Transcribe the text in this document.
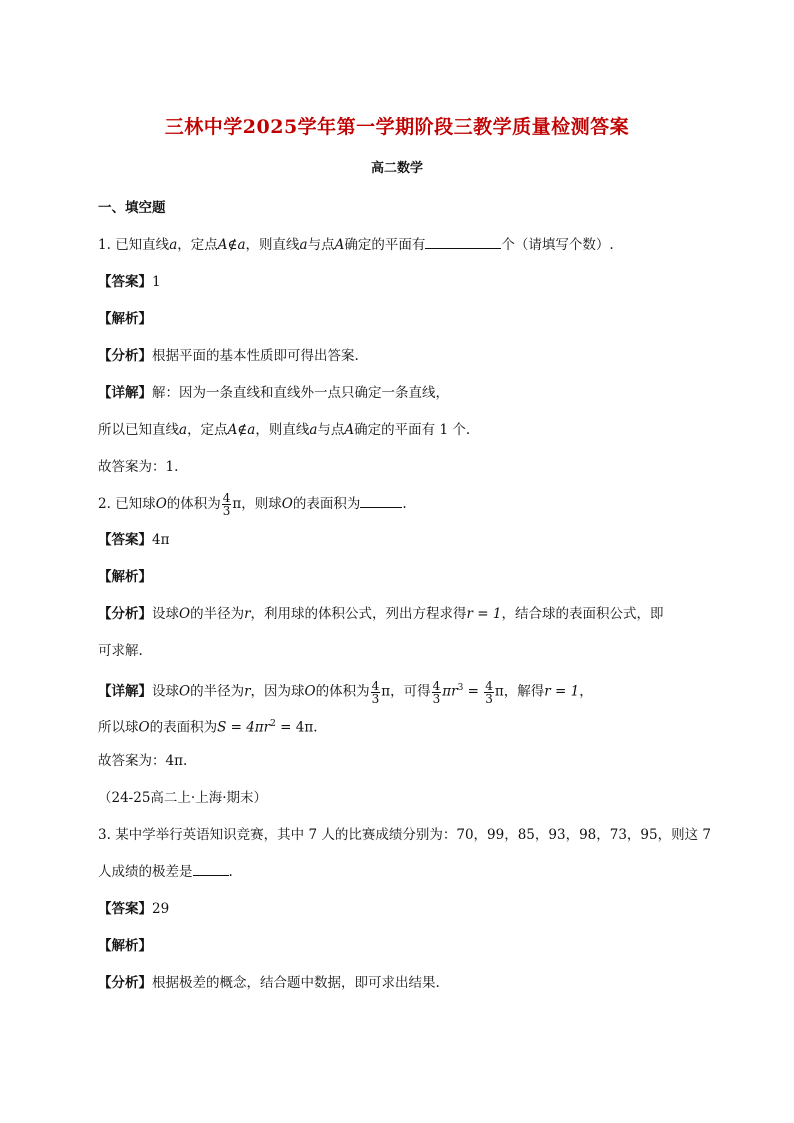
三林中学2025学年第一学期阶段三教学质量检测答案
高二数学
一、填空题
1. 已知直线a，定点A∉a，则直线a与点A确定的平面有	个（请填写个数）.
【答案】1
【解析】
【分析】根据平面的基本性质即可得出答案.
【详解】解：因为一条直线和直线外一点只确定一条直线，
所以已知直线a，定点A∉a，则直线a与点A确定的平面有 1 个.
故答案为：1.
2. 已知球O的体积为 $\frac{4}{3}$ π，则球O的表面积为	.
【答案】4π
【解析】
【分析】设球O的半径为r，利用球的体积公式，列出方程求得r = 1，结合球的表面积公式，即
可求解.
【详解】设球O的半径为r，因为球O的体积为 $\frac{4}{3}$ π，可得 $\frac{4}{3} \pi r^3 = \frac{4}{3}$ π，解得r = 1，
所以球O的表面积为$S = 4\pi r^2 = 4\pi$.
故答案为：4π.
（24-25高二上·上海·期末）
3. 某中学举行英语知识竞赛，其中 7 人的比赛成绩分别为：70，99，85，93，98，73，95，则这 7
人成绩的极差是	.
【答案】29
【解析】
【分析】根据极差的概念，结合题中数据，即可求出结果.
